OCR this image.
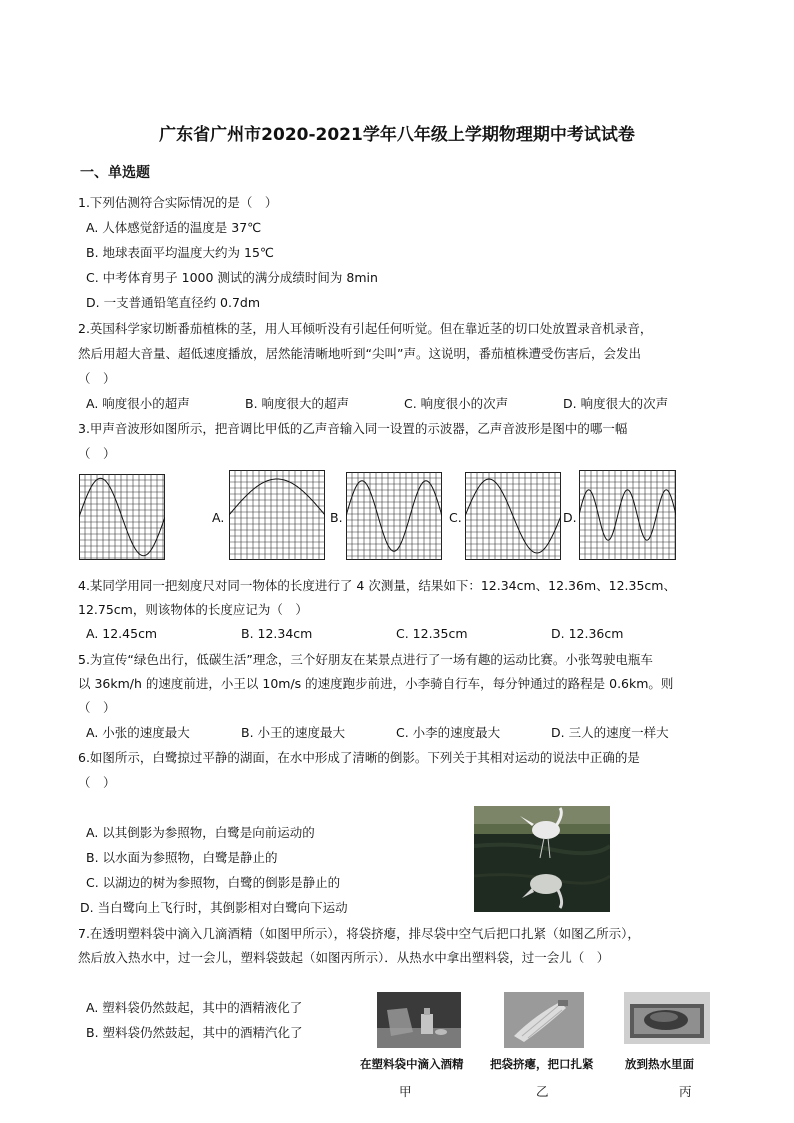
广东省广州市2020-2021学年八年级上学期物理期中考试试卷
一、单选题
1.下列估测符合实际情况的是（　）
A. 人体感觉舒适的温度是 37℃
B. 地球表面平均温度大约为 15℃
C. 中考体育男子 1000 测试的满分成绩时间为 8min
D. 一支普通铅笔直径约 0.7dm
2.英国科学家切断番茄植株的茎，用人耳倾听没有引起任何听觉。但在靠近茎的切口处放置录音机录音，
然后用超大音量、超低速度播放，居然能清晰地听到“尖叫”声。这说明，番茄植株遭受伤害后，会发出
（　）
A. 响度很小的超声	B. 响度很大的超声	C. 响度很小的次声	D. 响度很大的次声
3.甲声音波形如图所示，把音调比甲低的乙声音输入同一设置的示波器，乙声音波形是图中的哪一幅
（　）
A.	B.	C.	D.
4.某同学用同一把刻度尺对同一物体的长度进行了 4 次测量，结果如下：12.34cm、12.36m、12.35cm、
12.75cm，则该物体的长度应记为（　）
A. 12.45cm	B. 12.34cm	C. 12.35cm	D. 12.36cm
5.为宣传“绿色出行，低碳生活”理念，三个好朋友在某景点进行了一场有趣的运动比赛。小张驾驶电瓶车
以 36km/h 的速度前进，小王以 10m/s 的速度跑步前进，小李骑自行车，每分钟通过的路程是 0.6km。则
（　）
A. 小张的速度最大	B. 小王的速度最大	C. 小李的速度最大	D. 三人的速度一样大
6.如图所示，白鹭掠过平静的湖面，在水中形成了清晰的倒影。下列关于其相对运动的说法中正确的是
（　）
A. 以其倒影为参照物，白鹭是向前运动的
B. 以水面为参照物，白鹭是静止的
C. 以湖边的树为参照物，白鹭的倒影是静止的
D. 当白鹭向上飞行时，其倒影相对白鹭向下运动
7.在透明塑料袋中滴入几滴酒精（如图甲所示），将袋挤瘪，排尽袋中空气后把口扎紧（如图乙所示），
然后放入热水中，过一会儿，塑料袋鼓起（如图丙所示）．从热水中拿出塑料袋，过一会儿（　）
A. 塑料袋仍然鼓起，其中的酒精液化了
B. 塑料袋仍然鼓起，其中的酒精汽化了
在塑料袋中滴入酒精 把袋挤瘪，把口扎紧	放到热水里面
甲	乙	丙
